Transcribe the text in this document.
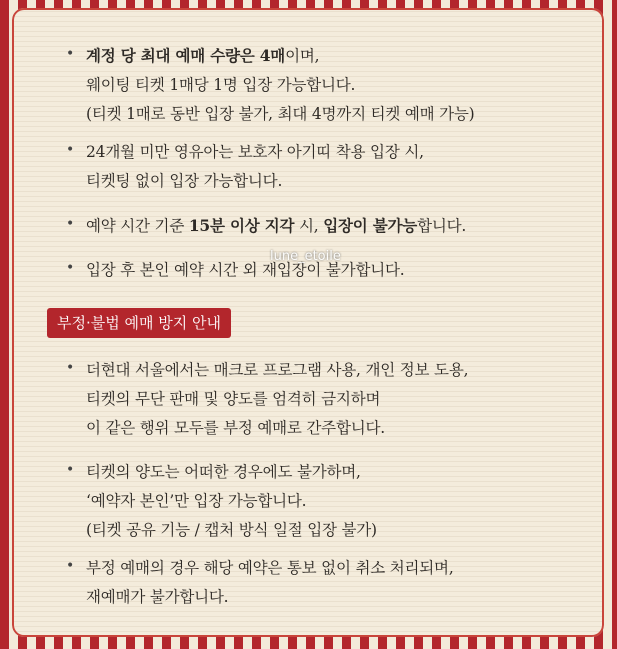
• 계정 당 최대 예매 수량은 4매이며,
웨이팅 티켓 1매당 1명 입장 가능합니다.
(티켓 1매로 동반 입장 불가, 최대 4명까지 티켓 예매 가능)
• 24개월 미만 영유아는 보호자 아기띠 착용 입장 시,
티켓팅 없이 입장 가능합니다.
• 예약 시간 기준 15분 이상 지각 시, 입장이 불가능합니다.
• 입장 후 본인 예약 시간 외 재입장이 불가합니다.
부정·불법 예매 방지 안내
• 더현대 서울에서는 매크로 프로그램 사용, 개인 정보 도용,
티켓의 무단 판매 및 양도를 엄격히 금지하며
이 같은 행위 모두를 부정 예매로 간주합니다.
• 티켓의 양도는 어떠한 경우에도 불가하며,
‘예약자 본인’만 입장 가능합니다.
(티켓 공유 기능 / 캡처 방식 일절 입장 불가)
• 부정 예매의 경우 해당 예약은 통보 없이 취소 처리되며,
재예매가 불가합니다.
lune_etoile
